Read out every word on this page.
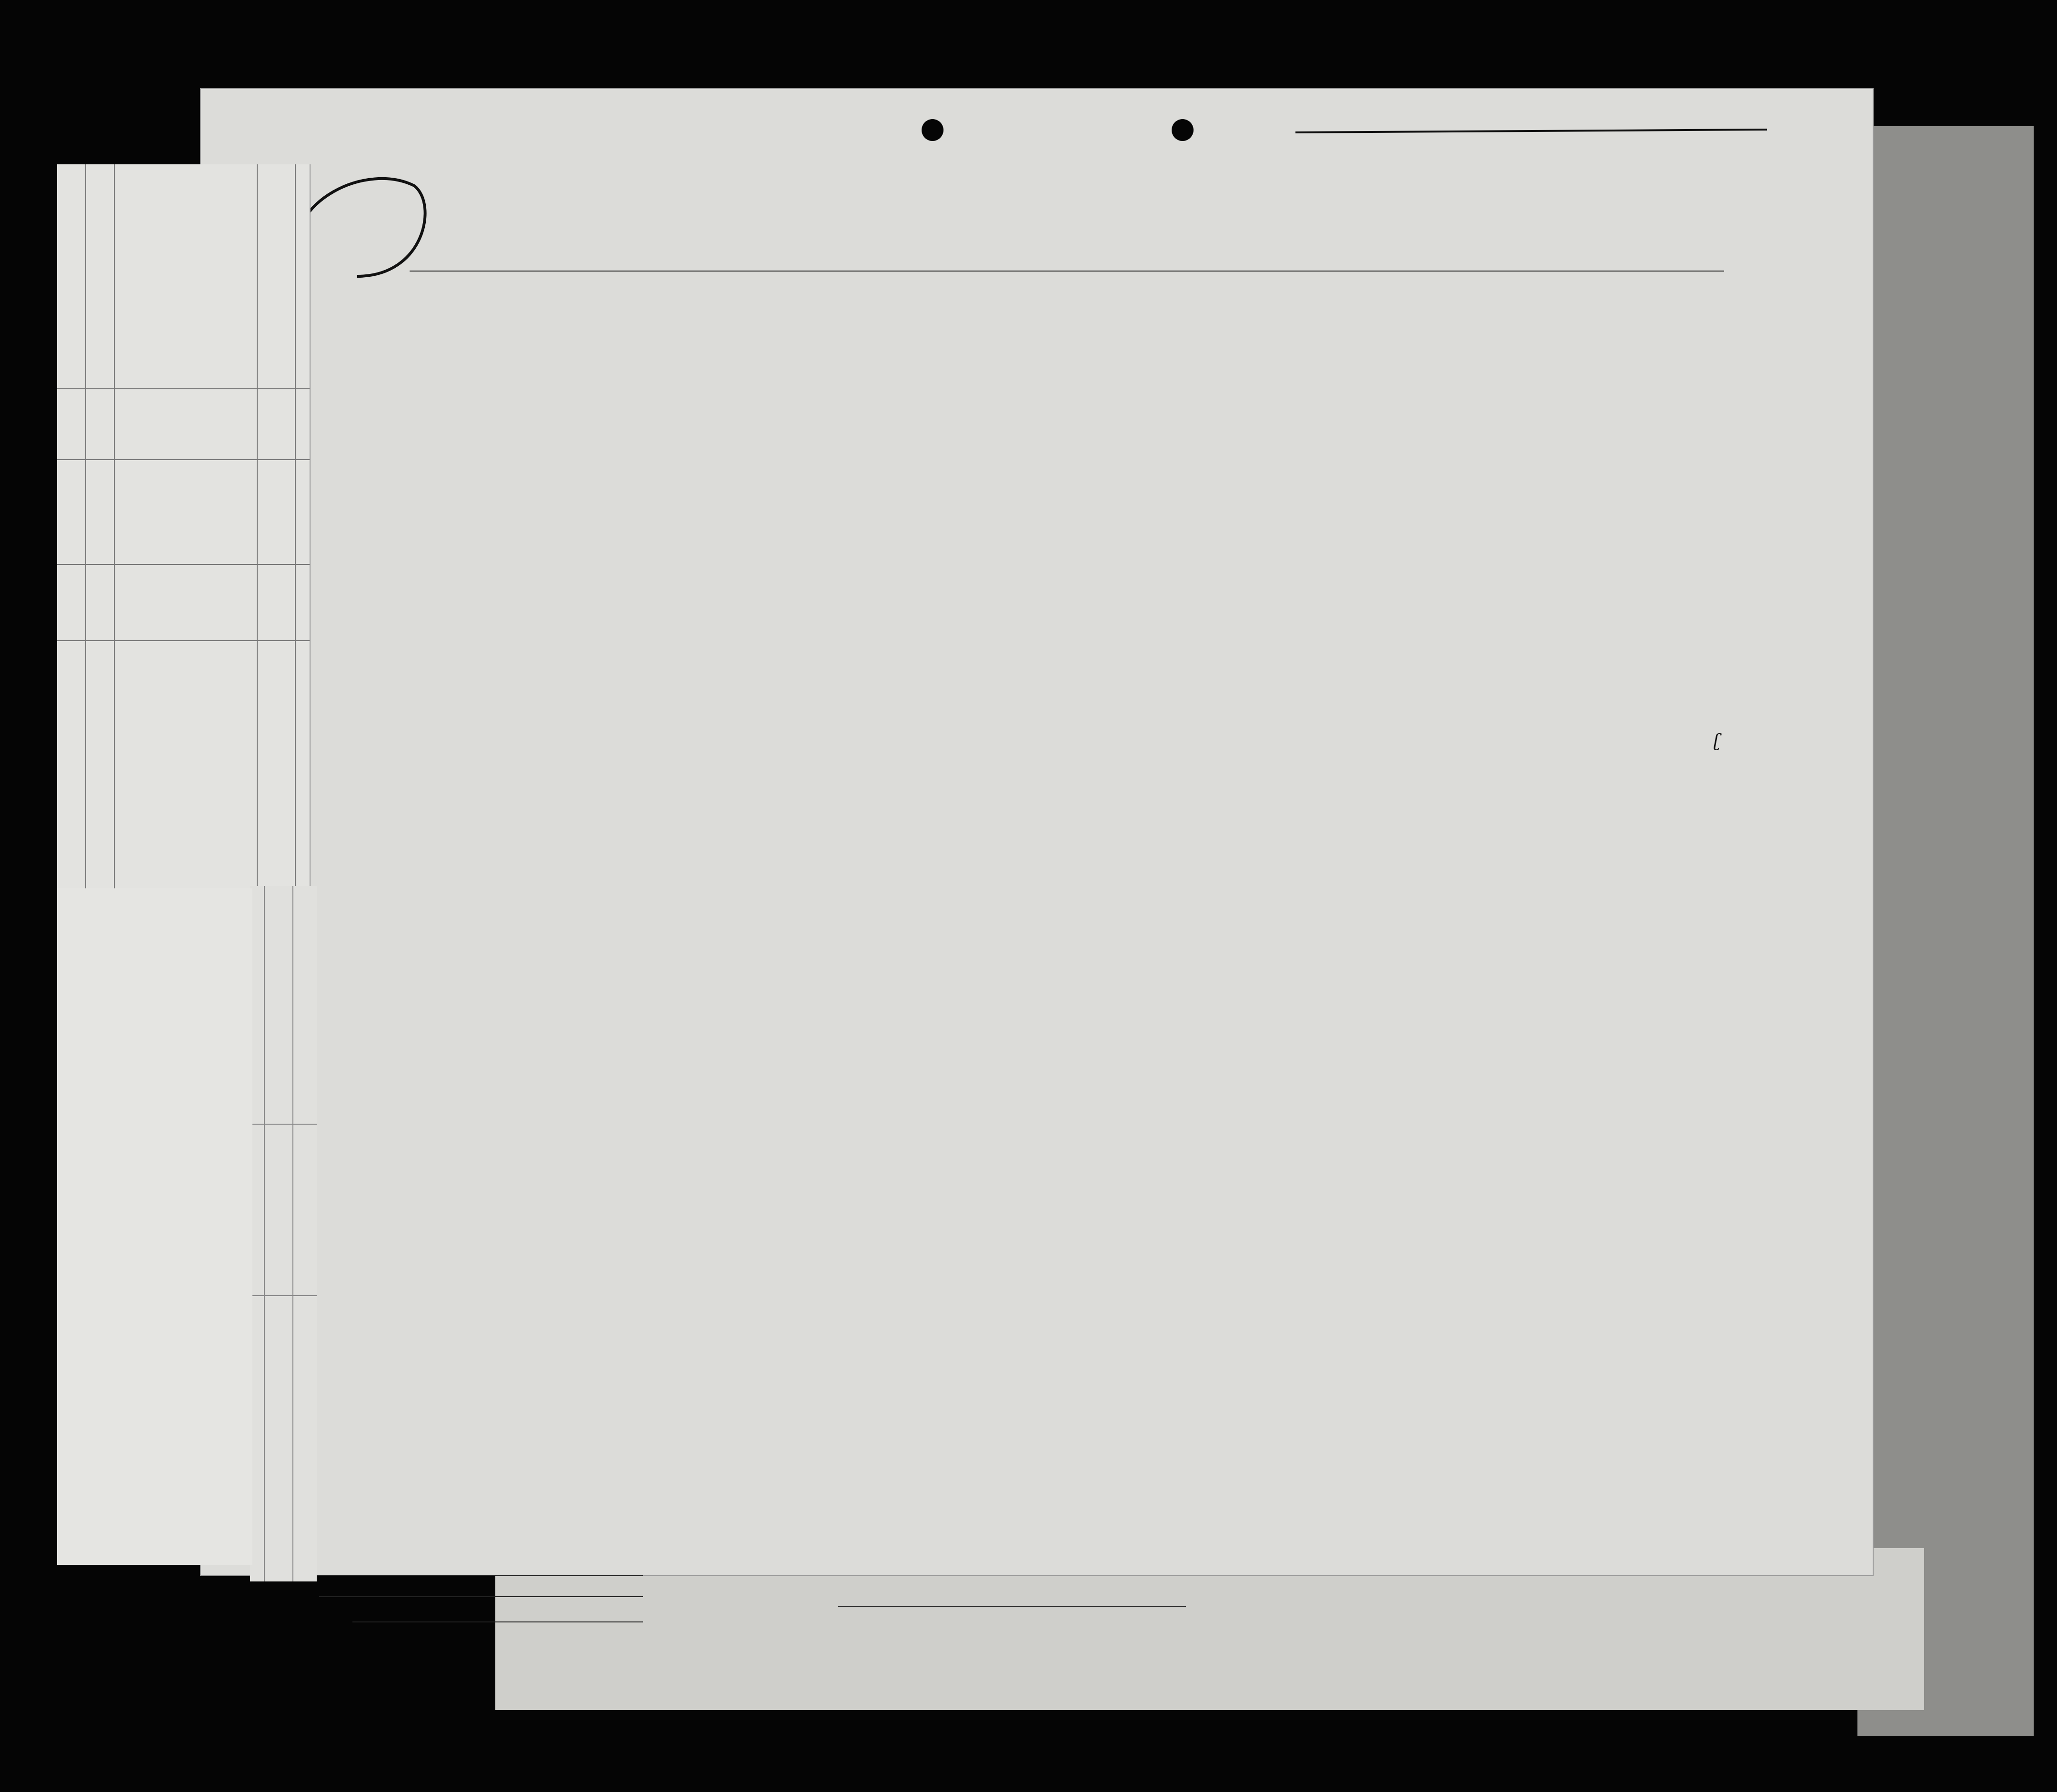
ʗ
